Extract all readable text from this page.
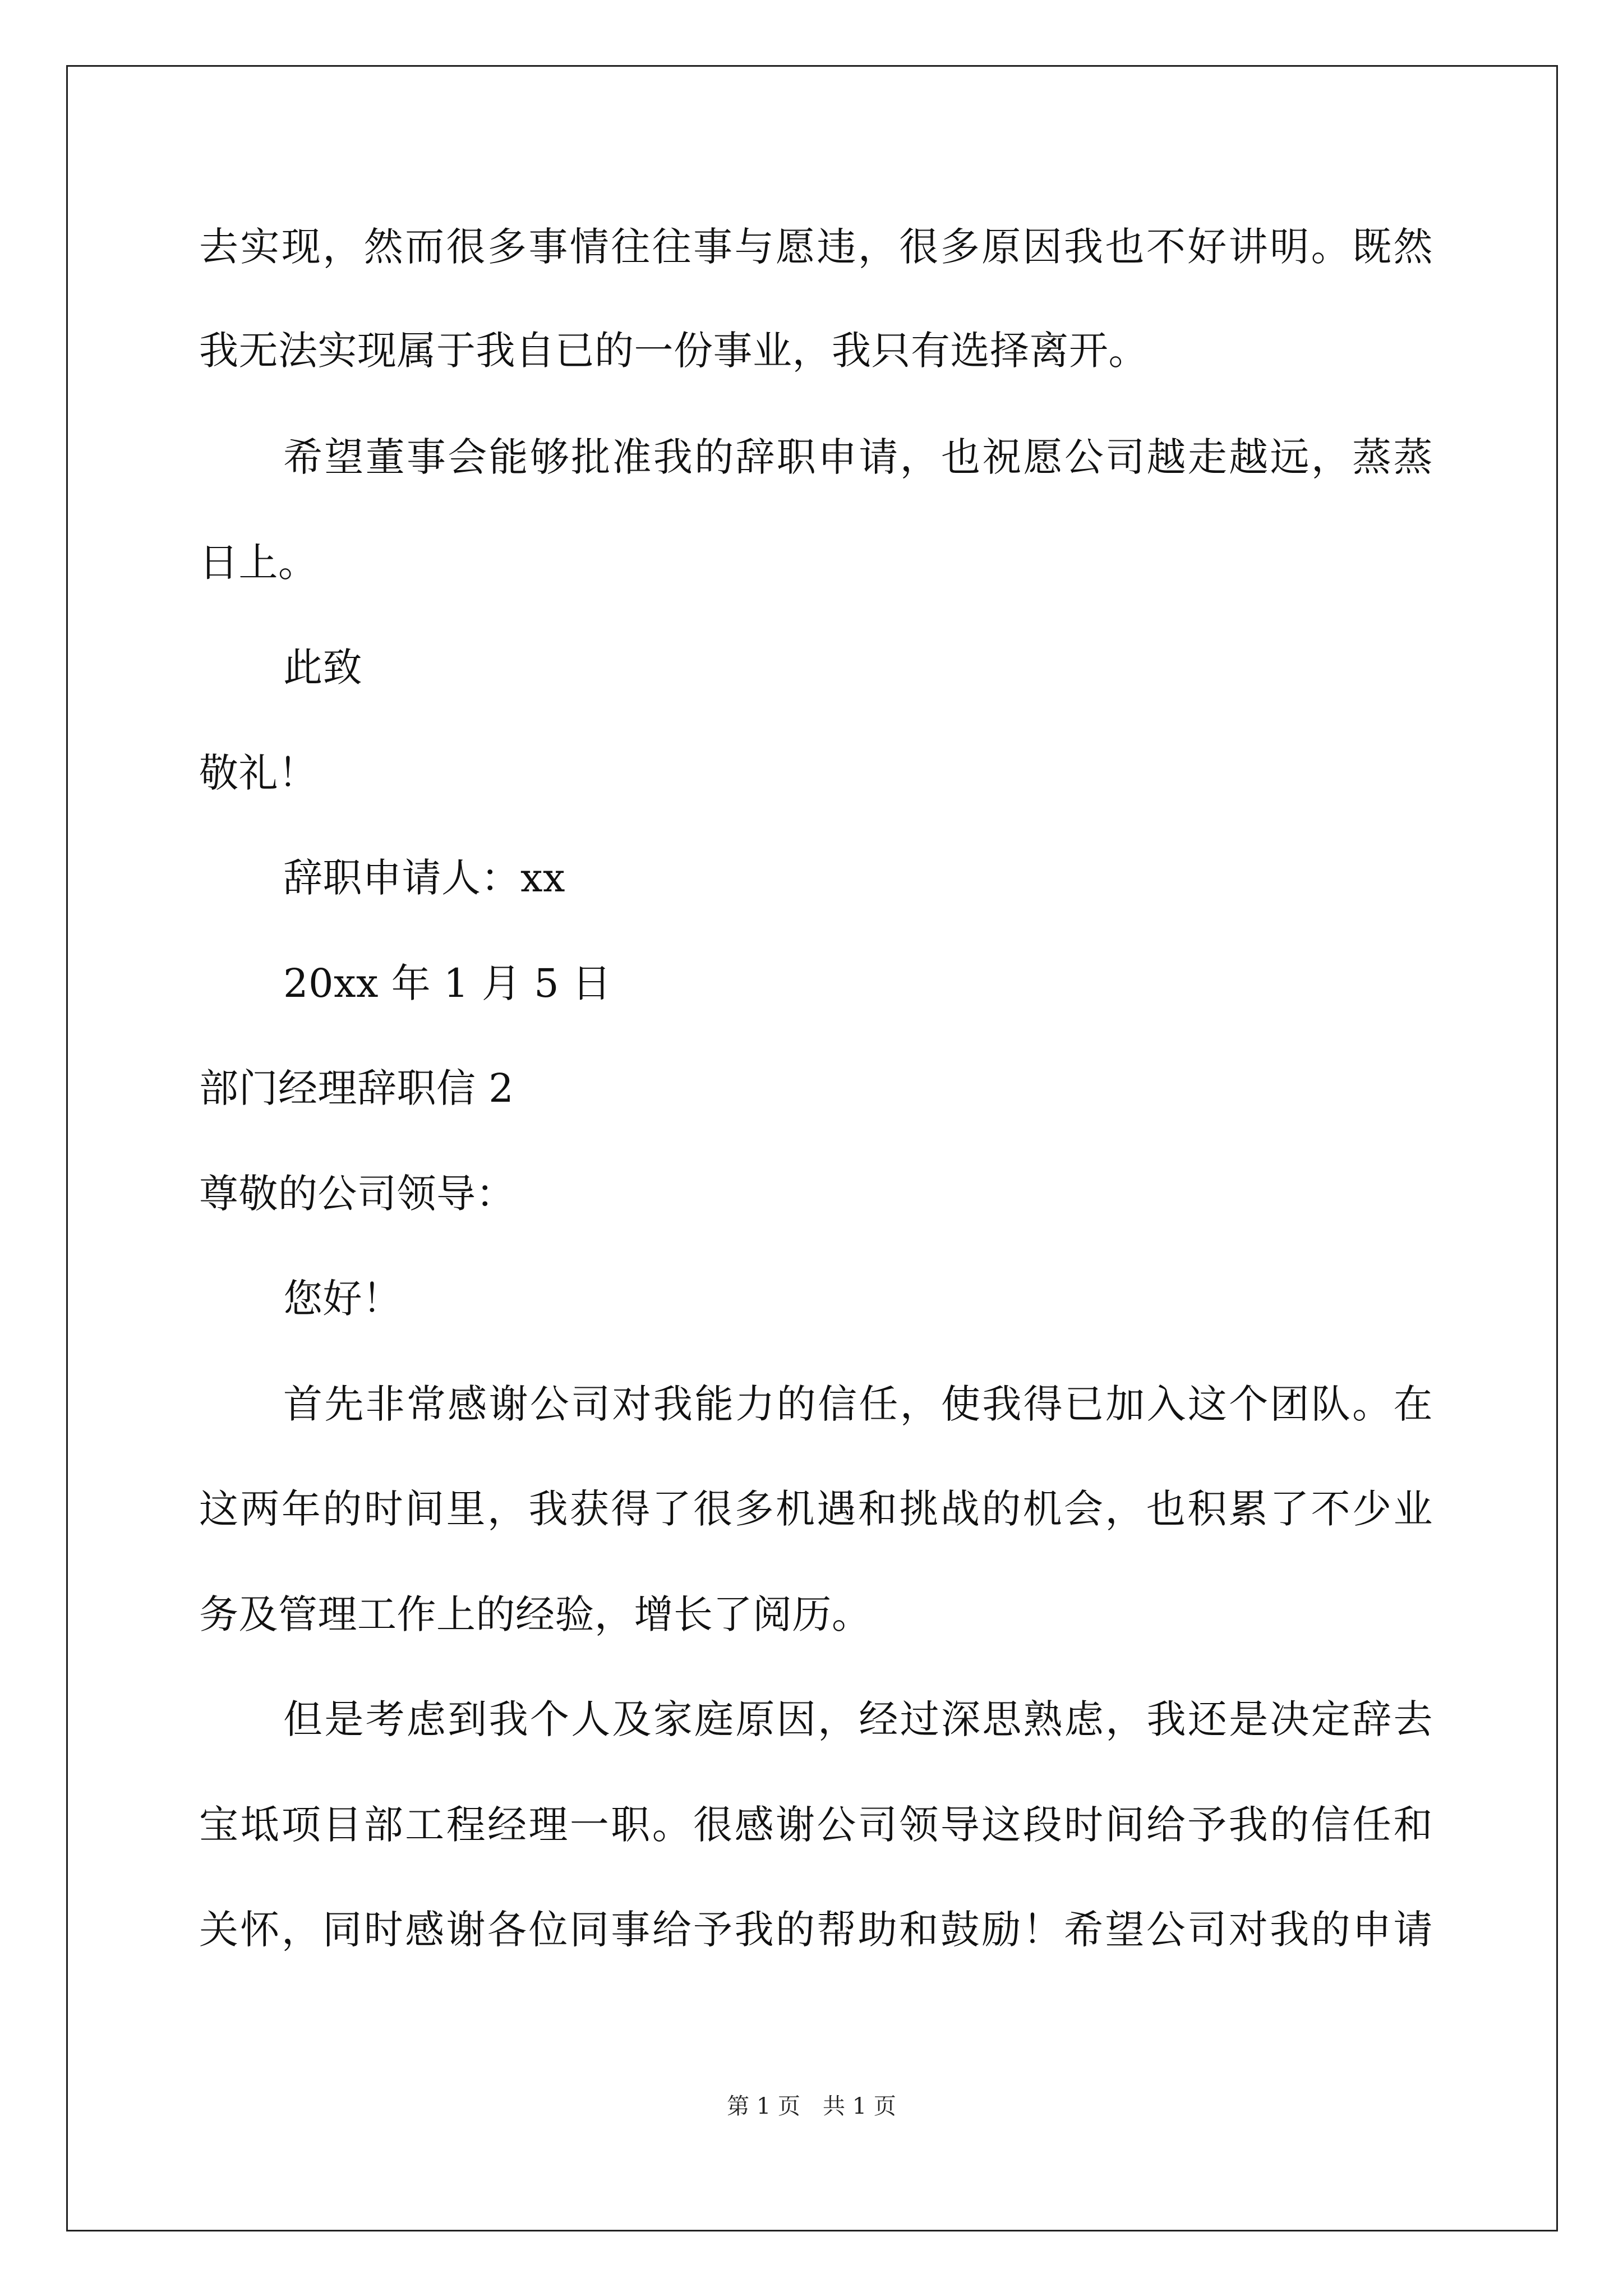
去实现，然而很多事情往往事与愿违，很多原因我也不好讲明。既然
我无法实现属于我自已的一份事业，我只有选择离开。
希望董事会能够批准我的辞职申请，也祝愿公司越走越远，蒸蒸
日上。
此致
敬礼！
辞职申请人：xx
20xx 年 1 月 5 日
部门经理辞职信 2
尊敬的公司领导：
您好！
首先非常感谢公司对我能力的信任，使我得已加入这个团队。在
这两年的时间里，我获得了很多机遇和挑战的机会，也积累了不少业
务及管理工作上的经验，增长了阅历。
但是考虑到我个人及家庭原因，经过深思熟虑，我还是决定辞去
宝坻项目部工程经理一职。很感谢公司领导这段时间给予我的信任和
关怀，同时感谢各位同事给予我的帮助和鼓励！希望公司对我的申请
第 1 页　共 1 页
